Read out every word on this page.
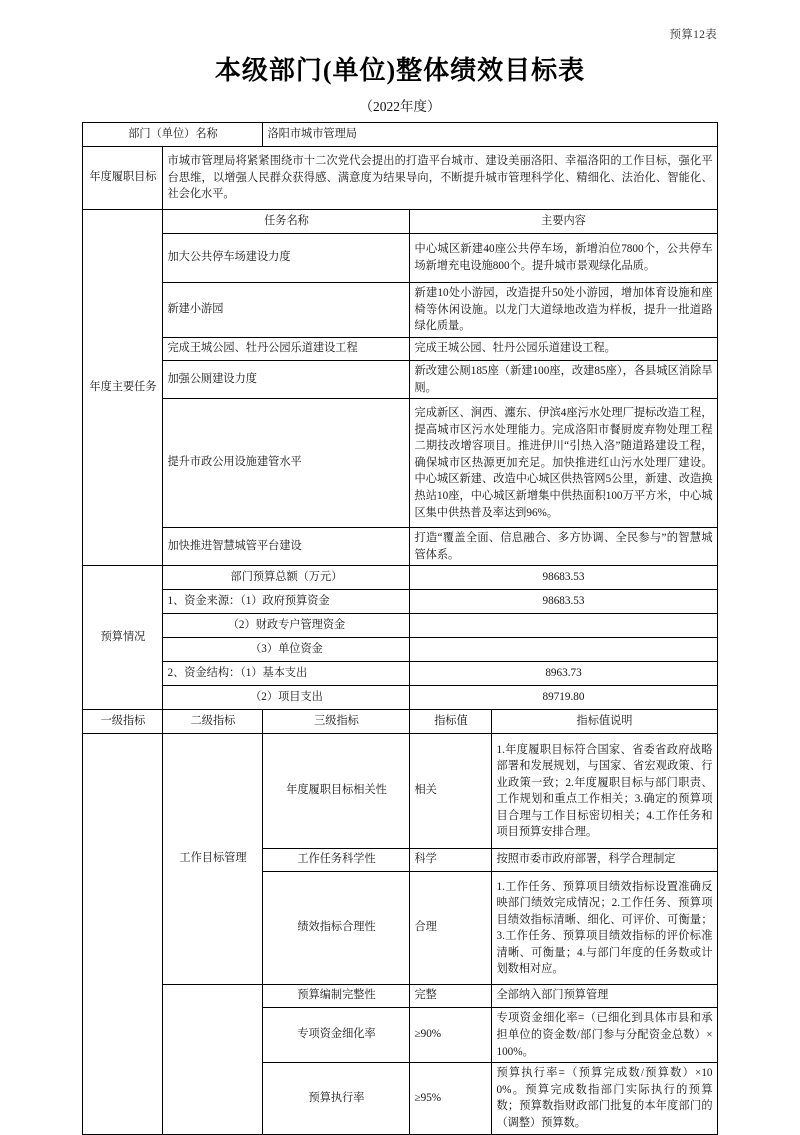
预算12表
本级部门(单位)整体绩效目标表
（2022年度）
部门（单位）名称		洛阳市城市管理局		
年度履职目标	市城市管理局将紧紧围绕市十二次党代会提出的打造平台城市、建设美丽洛阳、幸福洛阳的工作目标，强化平台思维，以增强人民群众获得感、满意度为结果导向，不断提升城市管理科学化、精细化、法治化、智能化、社会化水平。			
年度主要任务	任务名称		主要内容	
	加大公共停车场建设力度		中心城区新建40座公共停车场，新增泊位7800个，公共停车场新增充电设施800个。提升城市景观绿化品质。	
	新建小游园		新建10处小游园，改造提升50处小游园，增加体育设施和座椅等休闲设施。以龙门大道绿地改造为样板，提升一批道路绿化质量。	
	完成王城公园、牡丹公园乐道建设工程		完成王城公园、牡丹公园乐道建设工程。	
	加强公厕建设力度		新改建公厕185座（新建100座，改建85座），各县城区消除旱厕。	
	提升市政公用设施建管水平		完成新区、涧西、瀍东、伊滨4座污水处理厂提标改造工程，提高城市区污水处理能力。完成洛阳市餐厨废弃物处理工程二期技改增容项目。推进伊川“引热入洛”随道路建设工程，确保城市区热源更加充足。加快推进红山污水处理厂建设。中心城区新建、改造中心城区供热管网5公里，新建、改造换热站10座，中心城区新增集中供热面积100万平方米，中心城区集中供热普及率达到96%。	
	加快推进智慧城管平台建设		打造“覆盖全面、信息融合、多方协调、全民参与”的智慧城管体系。	
预算情况	部门预算总额（万元）		98683.53	
	1、资金来源：（1）政府预算资金		98683.53	
	（2）财政专户管理资金			
	（3）单位资金			
	2、资金结构：（1）基本支出		8963.73	
	（2）项目支出		89719.80	
一级指标	二级指标	三级指标	指标值	指标值说明
	工作目标管理	年度履职目标相关性	相关	1.年度履职目标符合国家、省委省政府战略部署和发展规划，与国家、省宏观政策、行业政策一致；2.年度履职目标与部门职责、工作规划和重点工作相关；3.确定的预算项目合理与工作目标密切相关；4.工作任务和项目预算安排合理。
		工作任务科学性	科学	按照市委市政府部署，科学合理制定
		绩效指标合理性	合理	1.工作任务、预算项目绩效指标设置准确反映部门绩效完成情况；2.工作任务、预算项目绩效指标清晰、细化、可评价、可衡量；3.工作任务、预算项目绩效指标的评价标准清晰、可衡量；4.与部门年度的任务数或计划数相对应。
		预算编制完整性	完整	全部纳入部门预算管理
		专项资金细化率	≥90%	专项资金细化率=（已细化到具体市县和承担单位的资金数/部门参与分配资金总数）×100%。
		预算执行率	≥95%	预算执行率=（预算完成数/预算数）×100%。预算完成数指部门实际执行的预算数；预算数指财政部门批复的本年度部门的（调整）预算数。
